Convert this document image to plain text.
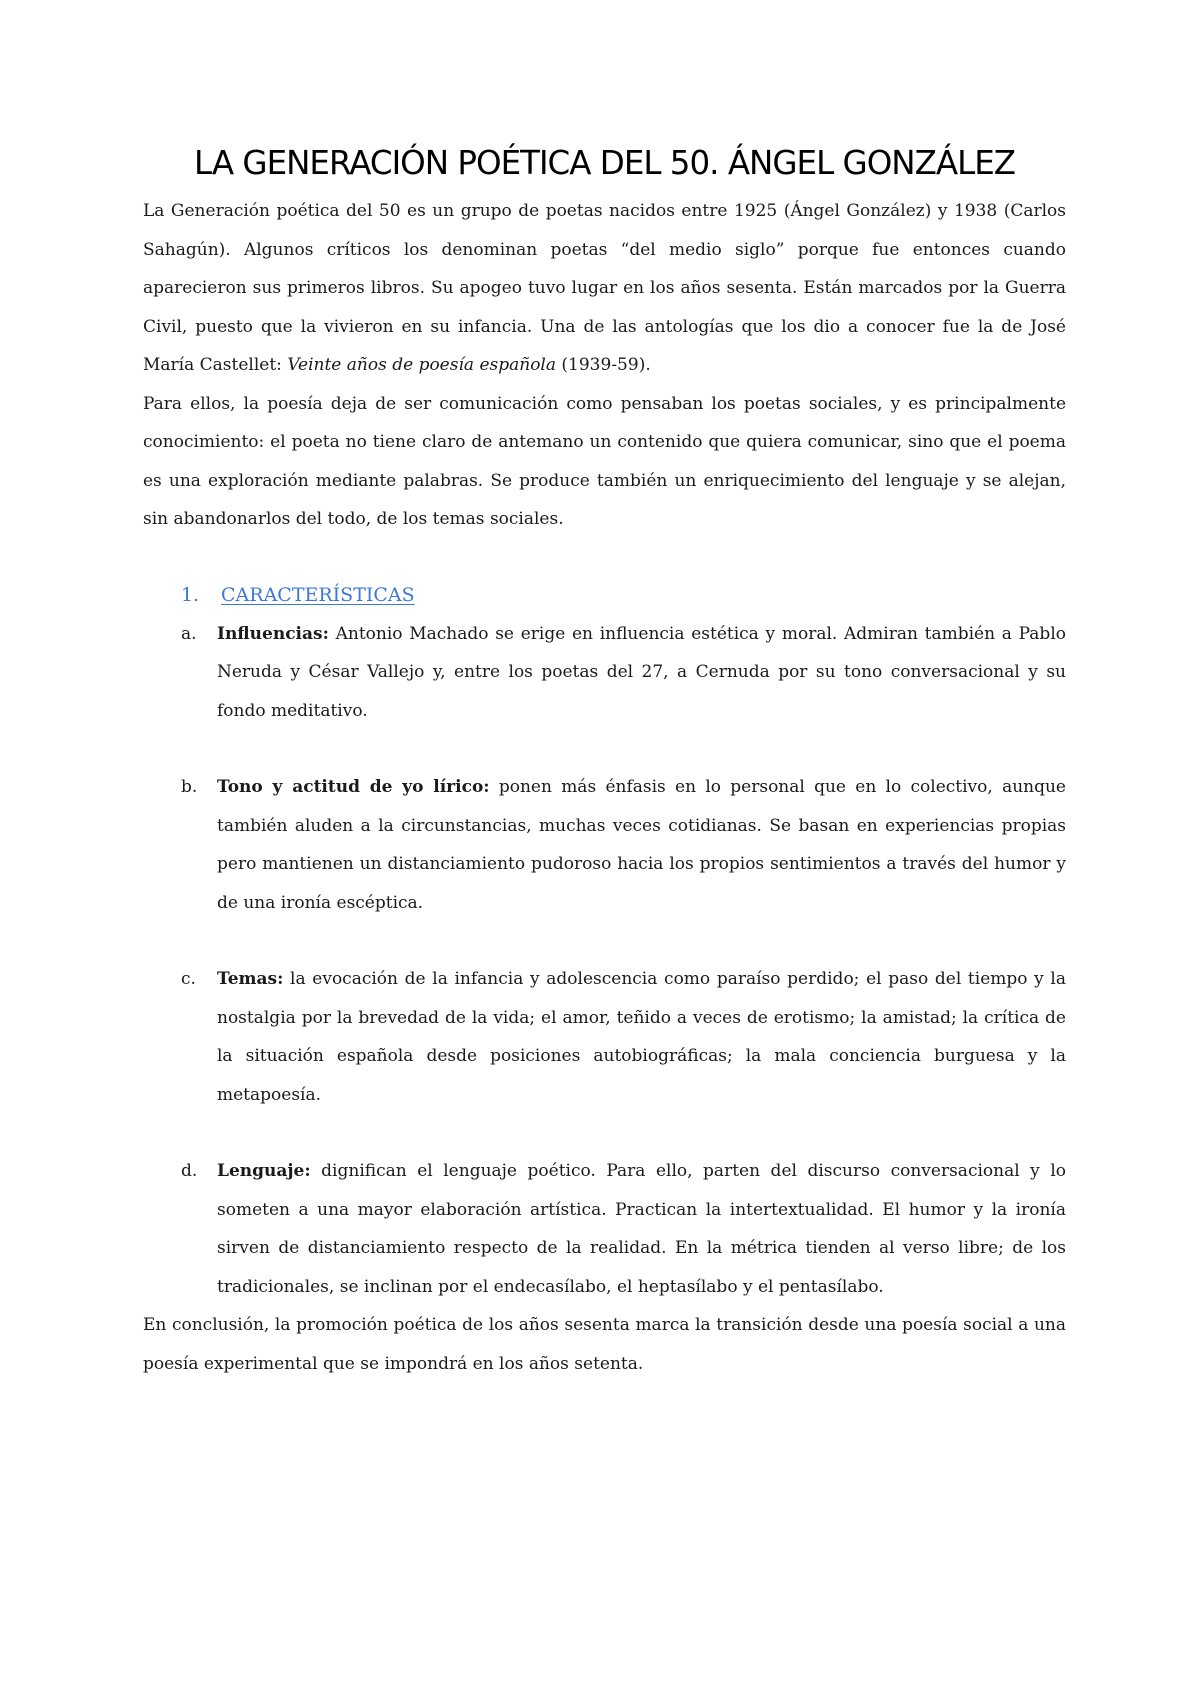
LA GENERACIÓN POÉTICA DEL 50. ÁNGEL GONZÁLEZ

La Generación poética del 50 es un grupo de poetas nacidos entre 1925 (Ángel González) y 1938 (Carlos Sahagún). Algunos críticos los denominan poetas “del medio siglo” porque fue entonces cuando aparecieron sus primeros libros. Su apogeo tuvo lugar en los años sesenta. Están marcados por la Guerra Civil, puesto que la vivieron en su infancia. Una de las antologías que los dio a conocer fue la de José María Castellet: Veinte años de poesía española (1939-59).

Para ellos, la poesía deja de ser comunicación como pensaban los poetas sociales, y es principalmente conocimiento: el poeta no tiene claro de antemano un contenido que quiera comunicar, sino que el poema es una exploración mediante palabras. Se produce también un enriquecimiento del lenguaje y se alejan, sin abandonarlos del todo, de los temas sociales.

1.	CARACTERÍSTICAS
a.	Influencias: Antonio Machado se erige en influencia estética y moral. Admiran también a Pablo Neruda y César Vallejo y, entre los poetas del 27, a Cernuda por su tono conversacional y su fondo meditativo.
b.	Tono y actitud de yo lírico: ponen más énfasis en lo personal que en lo colectivo, aunque también aluden a la circunstancias, muchas veces cotidianas. Se basan en experiencias propias pero mantienen un distanciamiento pudoroso hacia los propios sentimientos a través del humor y de una ironía escéptica.
c.	Temas: la evocación de la infancia y adolescencia como paraíso perdido; el paso del tiempo y la nostalgia por la brevedad de la vida; el amor, teñido a veces de erotismo; la amistad; la crítica de la situación española desde posiciones autobiográficas; la mala conciencia burguesa y la metapoesía.
d.	Lenguaje: dignifican el lenguaje poético. Para ello, parten del discurso conversacional y lo someten a una mayor elaboración artística. Practican la intertextualidad. El humor y la ironía sirven de distanciamiento respecto de la realidad. En la métrica tienden al verso libre; de los tradicionales, se inclinan por el endecasílabo, el heptasílabo y el pentasílabo.

En conclusión, la promoción poética de los años sesenta marca la transición desde una poesía social a una poesía experimental que se impondrá en los años setenta.
